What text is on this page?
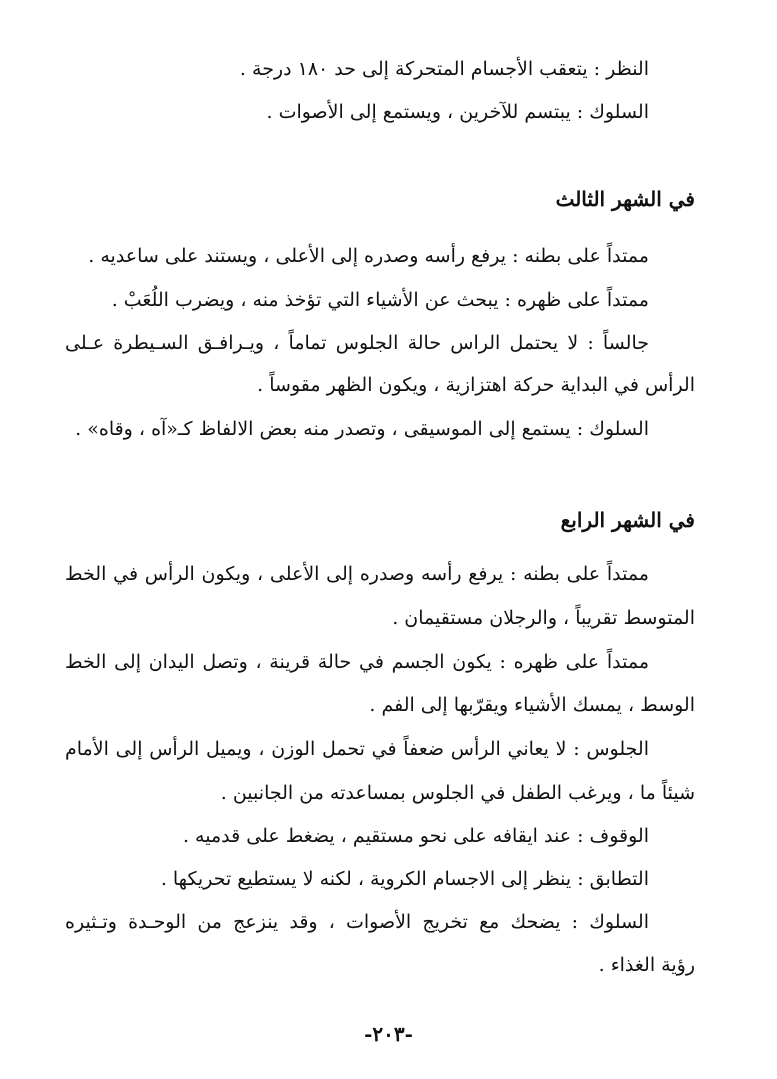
النظر : يتعقب الأجسام المتحركة إلى حد ١٨٠ درجة .
السلوك : يبتسم للآخرين ، ويستمع إلى الأصوات .
في الشهر الثالث
ممتداً على بطنه : يرفع رأسه وصدره إلى الأعلى ، ويستند على ساعديه .
ممتداً على ظهره : يبحث عن الأشياء التي تؤخذ منه ، ويضرب اللُعَبْ .
جالساً : لا يحتمل الراس حالة الجلوس تماماً ، ويـرافـق السـيطرة عـلى
الرأس في البداية حركة اهتزازية ، ويكون الظهر مقوساً .
السلوك : يستمع إلى الموسيقى ، وتصدر منه بعض الالفاظ كـ«آه ، وقاه» .
في الشهر الرابع
ممتداً على بطنه : يرفع رأسه وصدره إلى الأعلى ، ويكون الرأس في الخط
المتوسط تقريباً ، والرجلان مستقيمان .
ممتداً على ظهره : يكون الجسم في حالة قرينة ، وتصل اليدان إلى الخط
الوسط ، يمسك الأشياء ويقرّبها إلى الفم .
الجلوس : لا يعاني الرأس ضعفاً في تحمل الوزن ، ويميل الرأس إلى الأمام
شيئاً ما ، ويرغب الطفل في الجلوس بمساعدته من الجانبين .
الوقوف : عند ايقافه على نحو مستقيم ، يضغط على قدميه .
التطابق : ينظر إلى الاجسام الكروية ، لكنه لا يستطيع تحريكها .
السلوك : يضحك مع تخريج الأصوات ، وقد ينزعج من الوحـدة وتـثيره
رؤية الغذاء .
-٢٠٣-
